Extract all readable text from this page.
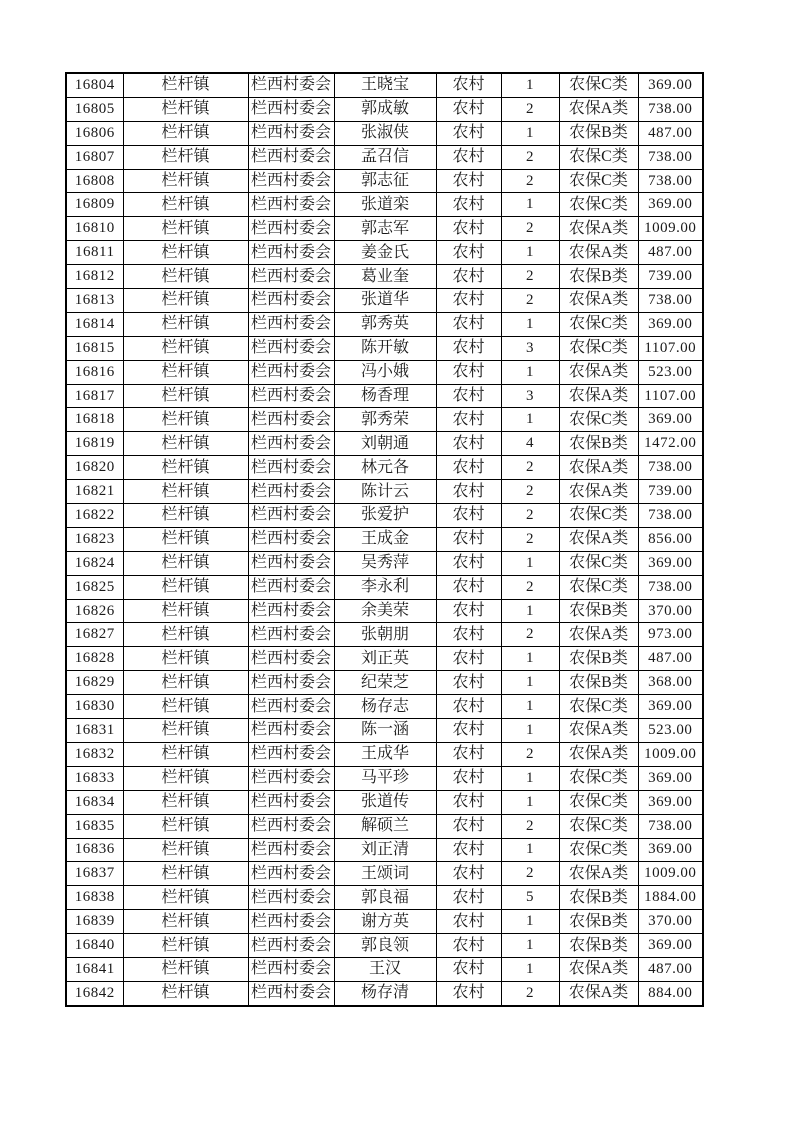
16804	栏杆镇	栏西村委会	王晓宝	农村	1	农保C类	369.00
16805	栏杆镇	栏西村委会	郭成敏	农村	2	农保A类	738.00
16806	栏杆镇	栏西村委会	张淑侠	农村	1	农保B类	487.00
16807	栏杆镇	栏西村委会	孟召信	农村	2	农保C类	738.00
16808	栏杆镇	栏西村委会	郭志征	农村	2	农保C类	738.00
16809	栏杆镇	栏西村委会	张道栾	农村	1	农保C类	369.00
16810	栏杆镇	栏西村委会	郭志军	农村	2	农保A类	1009.00
16811	栏杆镇	栏西村委会	姜金氏	农村	1	农保A类	487.00
16812	栏杆镇	栏西村委会	葛业奎	农村	2	农保B类	739.00
16813	栏杆镇	栏西村委会	张道华	农村	2	农保A类	738.00
16814	栏杆镇	栏西村委会	郭秀英	农村	1	农保C类	369.00
16815	栏杆镇	栏西村委会	陈开敏	农村	3	农保C类	1107.00
16816	栏杆镇	栏西村委会	冯小娥	农村	1	农保A类	523.00
16817	栏杆镇	栏西村委会	杨香理	农村	3	农保A类	1107.00
16818	栏杆镇	栏西村委会	郭秀荣	农村	1	农保C类	369.00
16819	栏杆镇	栏西村委会	刘朝通	农村	4	农保B类	1472.00
16820	栏杆镇	栏西村委会	林元各	农村	2	农保A类	738.00
16821	栏杆镇	栏西村委会	陈计云	农村	2	农保A类	739.00
16822	栏杆镇	栏西村委会	张爱护	农村	2	农保C类	738.00
16823	栏杆镇	栏西村委会	王成金	农村	2	农保A类	856.00
16824	栏杆镇	栏西村委会	吴秀萍	农村	1	农保C类	369.00
16825	栏杆镇	栏西村委会	李永利	农村	2	农保C类	738.00
16826	栏杆镇	栏西村委会	余美荣	农村	1	农保B类	370.00
16827	栏杆镇	栏西村委会	张朝朋	农村	2	农保A类	973.00
16828	栏杆镇	栏西村委会	刘正英	农村	1	农保B类	487.00
16829	栏杆镇	栏西村委会	纪荣芝	农村	1	农保B类	368.00
16830	栏杆镇	栏西村委会	杨存志	农村	1	农保C类	369.00
16831	栏杆镇	栏西村委会	陈一涵	农村	1	农保A类	523.00
16832	栏杆镇	栏西村委会	王成华	农村	2	农保A类	1009.00
16833	栏杆镇	栏西村委会	马平珍	农村	1	农保C类	369.00
16834	栏杆镇	栏西村委会	张道传	农村	1	农保C类	369.00
16835	栏杆镇	栏西村委会	解硕兰	农村	2	农保C类	738.00
16836	栏杆镇	栏西村委会	刘正清	农村	1	农保C类	369.00
16837	栏杆镇	栏西村委会	王颂词	农村	2	农保A类	1009.00
16838	栏杆镇	栏西村委会	郭良福	农村	5	农保B类	1884.00
16839	栏杆镇	栏西村委会	谢方英	农村	1	农保B类	370.00
16840	栏杆镇	栏西村委会	郭良领	农村	1	农保B类	369.00
16841	栏杆镇	栏西村委会	王汉	农村	1	农保A类	487.00
16842	栏杆镇	栏西村委会	杨存清	农村	2	农保A类	884.00
